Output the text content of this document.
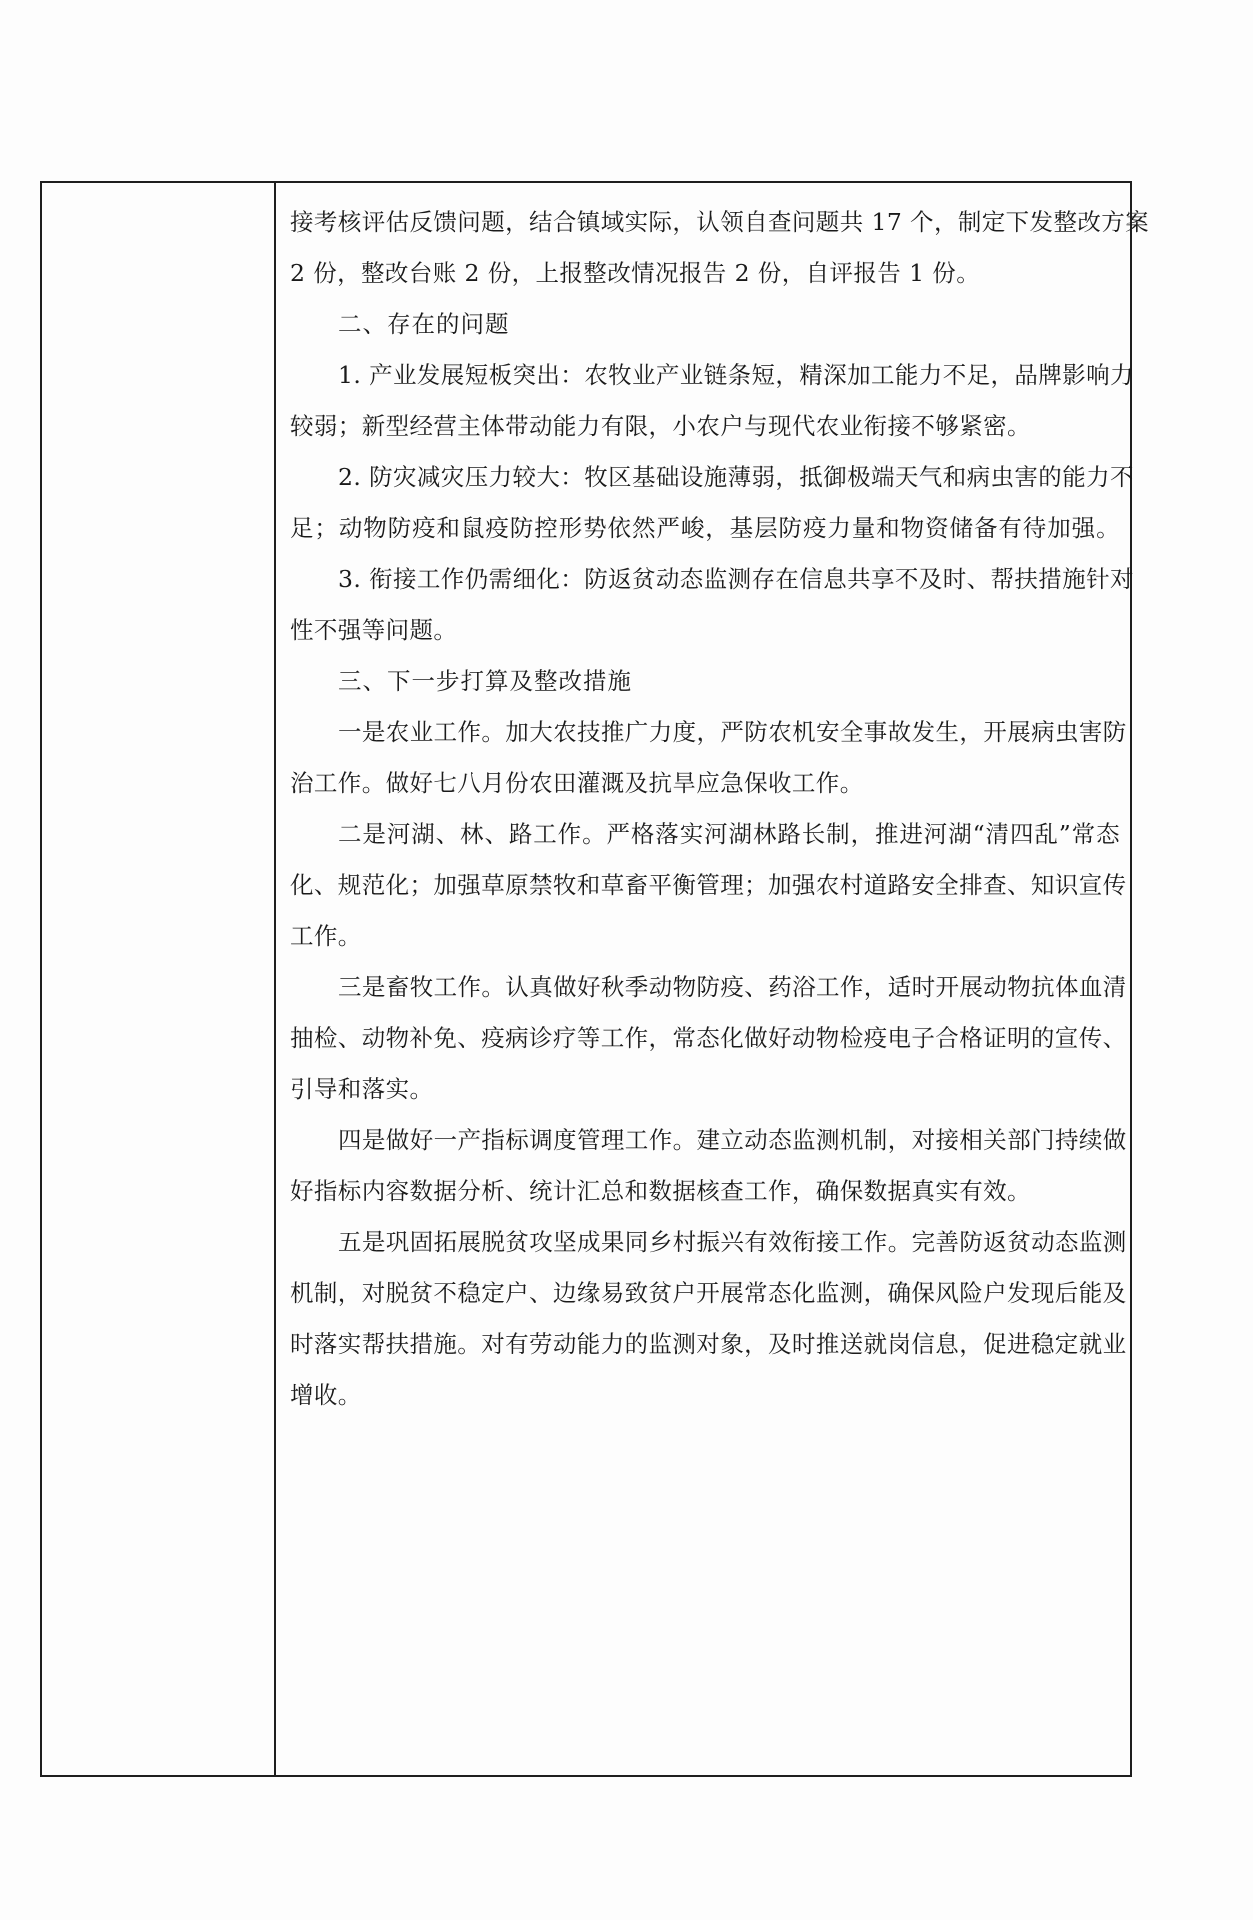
接考核评估反馈问题，结合镇域实际，认领自查问题共 17 个，制定下发整改方案
2 份，整改台账 2 份，上报整改情况报告 2 份，自评报告 1 份。
二、存在的问题
1. 产业发展短板突出：农牧业产业链条短，精深加工能力不足，品牌影响力
较弱；新型经营主体带动能力有限，小农户与现代农业衔接不够紧密。
2. 防灾减灾压力较大：牧区基础设施薄弱，抵御极端天气和病虫害的能力不
足；动物防疫和鼠疫防控形势依然严峻，基层防疫力量和物资储备有待加强。
3. 衔接工作仍需细化：防返贫动态监测存在信息共享不及时、帮扶措施针对
性不强等问题。
三、下一步打算及整改措施
一是农业工作。加大农技推广力度，严防农机安全事故发生，开展病虫害防
治工作。做好七八月份农田灌溉及抗旱应急保收工作。
二是河湖、林、路工作。严格落实河湖林路长制，推进河湖“清四乱”常态
化、规范化；加强草原禁牧和草畜平衡管理；加强农村道路安全排查、知识宣传
工作。
三是畜牧工作。认真做好秋季动物防疫、药浴工作，适时开展动物抗体血清
抽检、动物补免、疫病诊疗等工作，常态化做好动物检疫电子合格证明的宣传、
引导和落实。
四是做好一产指标调度管理工作。建立动态监测机制，对接相关部门持续做
好指标内容数据分析、统计汇总和数据核查工作，确保数据真实有效。
五是巩固拓展脱贫攻坚成果同乡村振兴有效衔接工作。完善防返贫动态监测
机制，对脱贫不稳定户、边缘易致贫户开展常态化监测，确保风险户发现后能及
时落实帮扶措施。对有劳动能力的监测对象，及时推送就岗信息，促进稳定就业
增收。
